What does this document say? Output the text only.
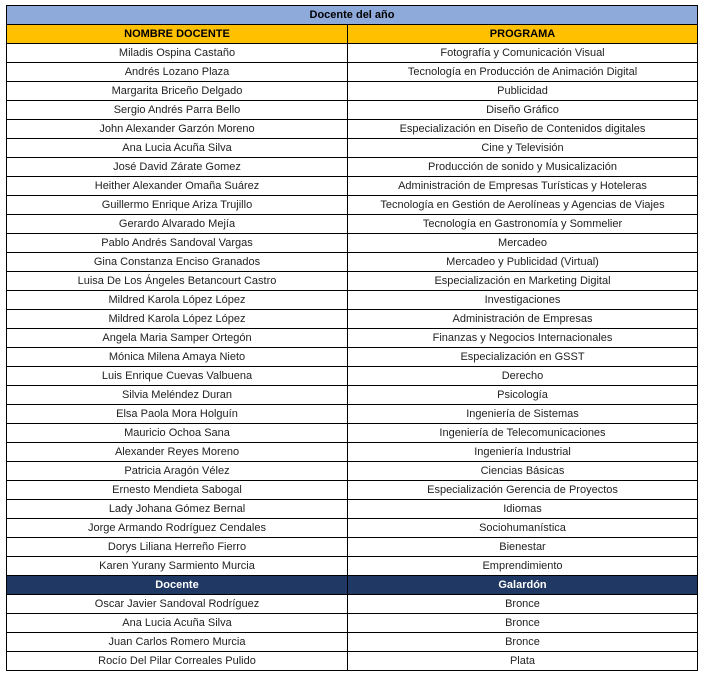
Docente del año	
NOMBRE DOCENTE	PROGRAMA
Miladis Ospina Castaño	Fotografía y Comunicación Visual
Andrés Lozano Plaza	Tecnología en Producción de Animación Digital
Margarita Briceño Delgado	Publicidad
Sergio Andrés Parra Bello	Diseño Gráfico
John Alexander Garzón Moreno	Especialización en Diseño de Contenidos digitales
Ana Lucia Acuña Silva	Cine y Televisión
José David Zárate Gomez	Producción de sonido y Musicalización
Heither Alexander Omaña Suárez	Administración de Empresas Turísticas y Hoteleras
Guillermo Enrique Ariza Trujillo	Tecnología en Gestión de Aerolíneas y Agencias de Viajes
Gerardo Alvarado Mejía	Tecnología en Gastronomía y Sommelier
Pablo Andrés Sandoval Vargas	Mercadeo
Gina Constanza Enciso Granados	Mercadeo y Publicidad (Virtual)
Luisa De Los Ángeles Betancourt Castro	Especialización en Marketing Digital
Mildred Karola López López	Investigaciones
Mildred Karola López López	Administración de Empresas
Angela Maria Samper Ortegón	Finanzas y Negocios Internacionales
Mónica Milena Amaya Nieto	Especialización en GSST
Luis Enrique Cuevas Valbuena	Derecho
Silvia Meléndez Duran	Psicología
Elsa Paola Mora Holguín	Ingeniería de Sistemas
Mauricio Ochoa Sana	Ingeniería de Telecomunicaciones
Alexander Reyes Moreno	Ingeniería Industrial
Patricia Aragón Vélez	Ciencias Básicas
Ernesto Mendieta Sabogal	Especialización Gerencia de Proyectos
Lady Johana Gómez Bernal	Idiomas
Jorge Armando Rodríguez Cendales	Sociohumanística
Dorys Liliana Herreño Fierro	Bienestar
Karen Yurany Sarmiento Murcia	Emprendimiento
Docente	Galardón
Oscar Javier Sandoval Rodríguez	Bronce
Ana Lucia Acuña Silva	Bronce
Juan Carlos Romero Murcia	Bronce
Rocío Del Pilar Correales Pulido	Plata
